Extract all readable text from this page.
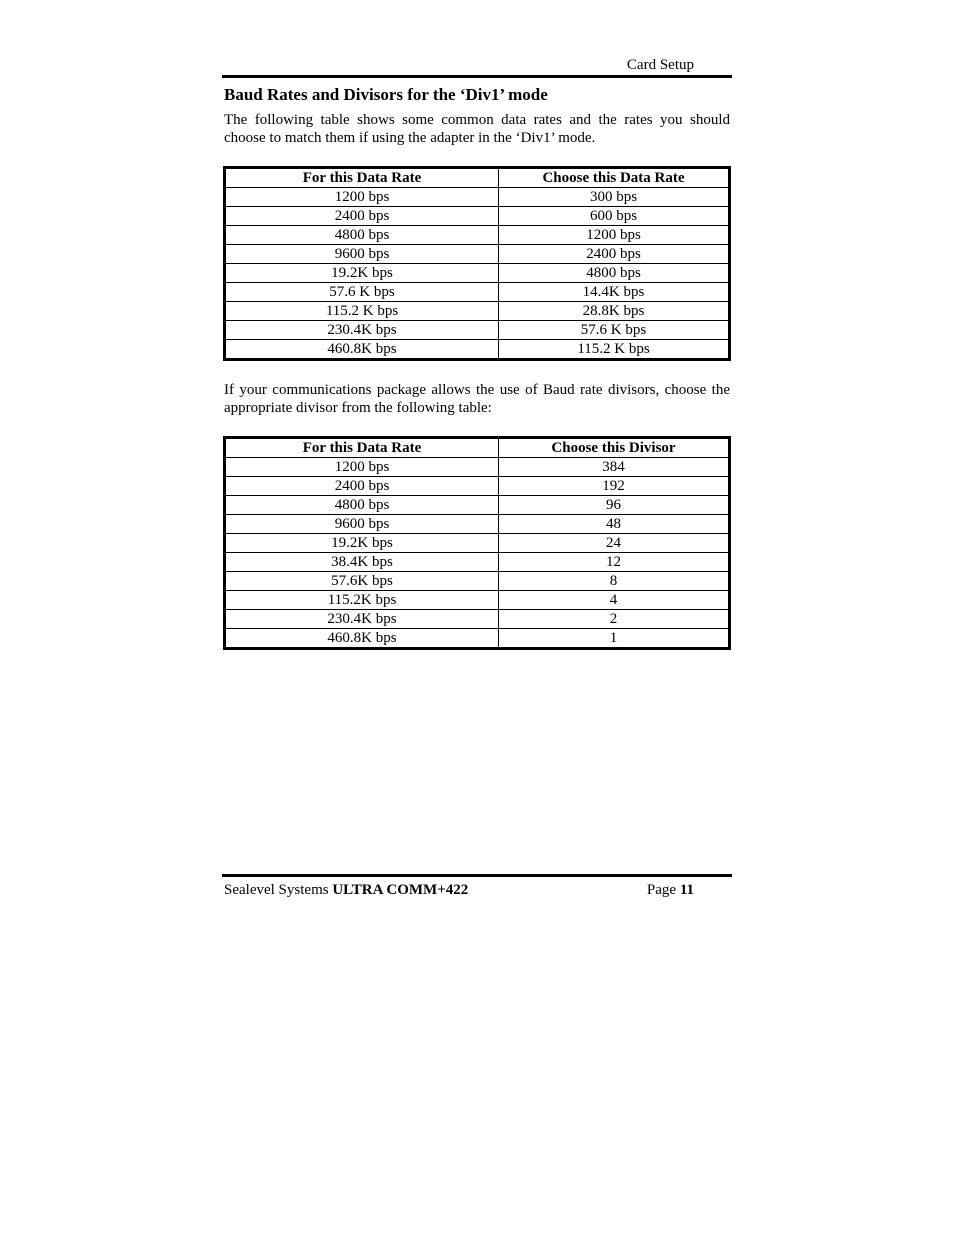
Card Setup
Baud Rates and Divisors for the ‘Div1’ mode

The following table shows some common data rates and the rates you should choose to match them if using the adapter in the ‘Div1’ mode.

For this Data Rate	Choose this Data Rate
1200 bps	300 bps
2400 bps	600 bps
4800 bps	1200 bps
9600 bps	2400 bps
19.2K bps	4800 bps
57.6 K bps	14.4K bps
115.2 K bps	28.8K bps
230.4K bps	57.6 K bps
460.8K bps	115.2 K bps

If your communications package allows the use of Baud rate divisors, choose the appropriate divisor from the following table:

For this Data Rate	Choose this Divisor
1200 bps	384
2400 bps	192
4800 bps	96
9600 bps	48
19.2K bps	24
38.4K bps	12
57.6K bps	8
115.2K bps	4
230.4K bps	2
460.8K bps	1
Sealevel Systems ULTRA COMM+422	Page 11
